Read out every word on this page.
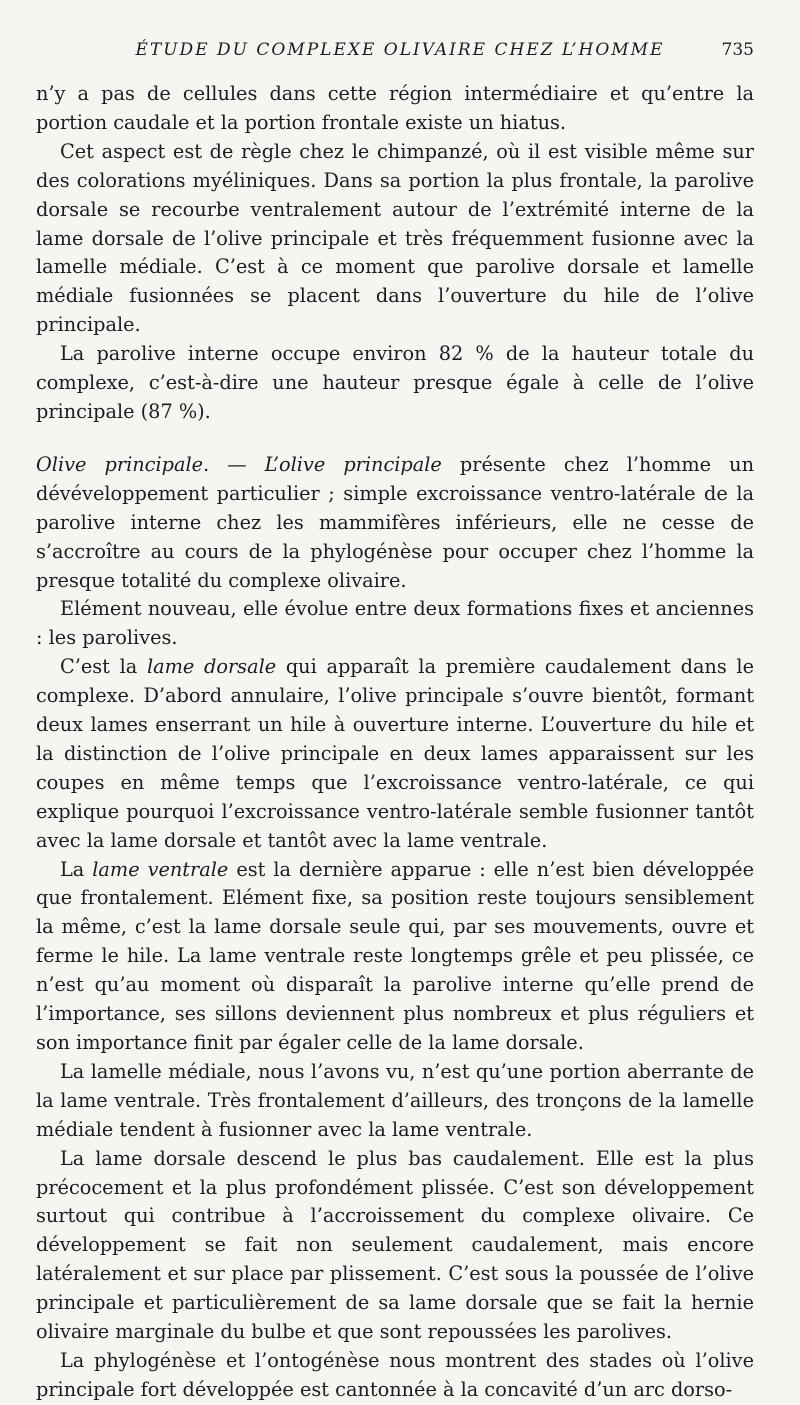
ÉTUDE DU COMPLEXE OLIVAIRE CHEZ L’HOMME	735

n’y a pas de cellules dans cette région intermédiaire et qu’entre la portion caudale et la portion frontale existe un hiatus.

Cet aspect est de règle chez le chimpanzé, où il est visible même sur des colorations myéliniques. Dans sa portion la plus frontale, la parolive dorsale se recourbe ventralement autour de l’extrémité interne de la lame dorsale de l’olive principale et très fréquemment fusionne avec la lamelle médiale. C’est à ce moment que parolive dorsale et lamelle médiale fusionnées se placent dans l’ouverture du hile de l’olive principale.

La parolive interne occupe environ 82 % de la hauteur totale du complexe, c’est-à-dire une hauteur presque égale à celle de l’olive principale (87 %).

Olive principale. — L’olive principale présente chez l’homme un dévéveloppement particulier ; simple excroissance ventro-latérale de la parolive interne chez les mammifères inférieurs, elle ne cesse de s’accroître au cours de la phylogénèse pour occuper chez l’homme la presque totalité du complexe olivaire.

Elément nouveau, elle évolue entre deux formations fixes et anciennes : les parolives.

C’est la lame dorsale qui apparaît la première caudalement dans le complexe. D’abord annulaire, l’olive principale s’ouvre bientôt, formant deux lames enserrant un hile à ouverture interne. L’ouverture du hile et la distinction de l’olive principale en deux lames apparaissent sur les coupes en même temps que l’excroissance ventro-latérale, ce qui explique pourquoi l’excroissance ventro-latérale semble fusionner tantôt avec la lame dorsale et tantôt avec la lame ventrale.

La lame ventrale est la dernière apparue : elle n’est bien développée que frontalement. Elément fixe, sa position reste toujours sensiblement la même, c’est la lame dorsale seule qui, par ses mouvements, ouvre et ferme le hile. La lame ventrale reste longtemps grêle et peu plissée, ce n’est qu’au moment où disparaît la parolive interne qu’elle prend de l’importance, ses sillons deviennent plus nombreux et plus réguliers et son importance finit par égaler celle de la lame dorsale.

La lamelle médiale, nous l’avons vu, n’est qu’une portion aberrante de la lame ventrale. Très frontalement d’ailleurs, des tronçons de la lamelle médiale tendent à fusionner avec la lame ventrale.

La lame dorsale descend le plus bas caudalement. Elle est la plus précocement et la plus profondément plissée. C’est son développement surtout qui contribue à l’accroissement du complexe olivaire. Ce développement se fait non seulement caudalement, mais encore latéralement et sur place par plissement. C’est sous la poussée de l’olive principale et particulièrement de sa lame dorsale que se fait la hernie olivaire marginale du bulbe et que sont repoussées les parolives.

La phylogénèse et l’ontogénèse nous montrent des stades où l’olive principale fort développée est cantonnée à la concavité d’un arc dorso-
